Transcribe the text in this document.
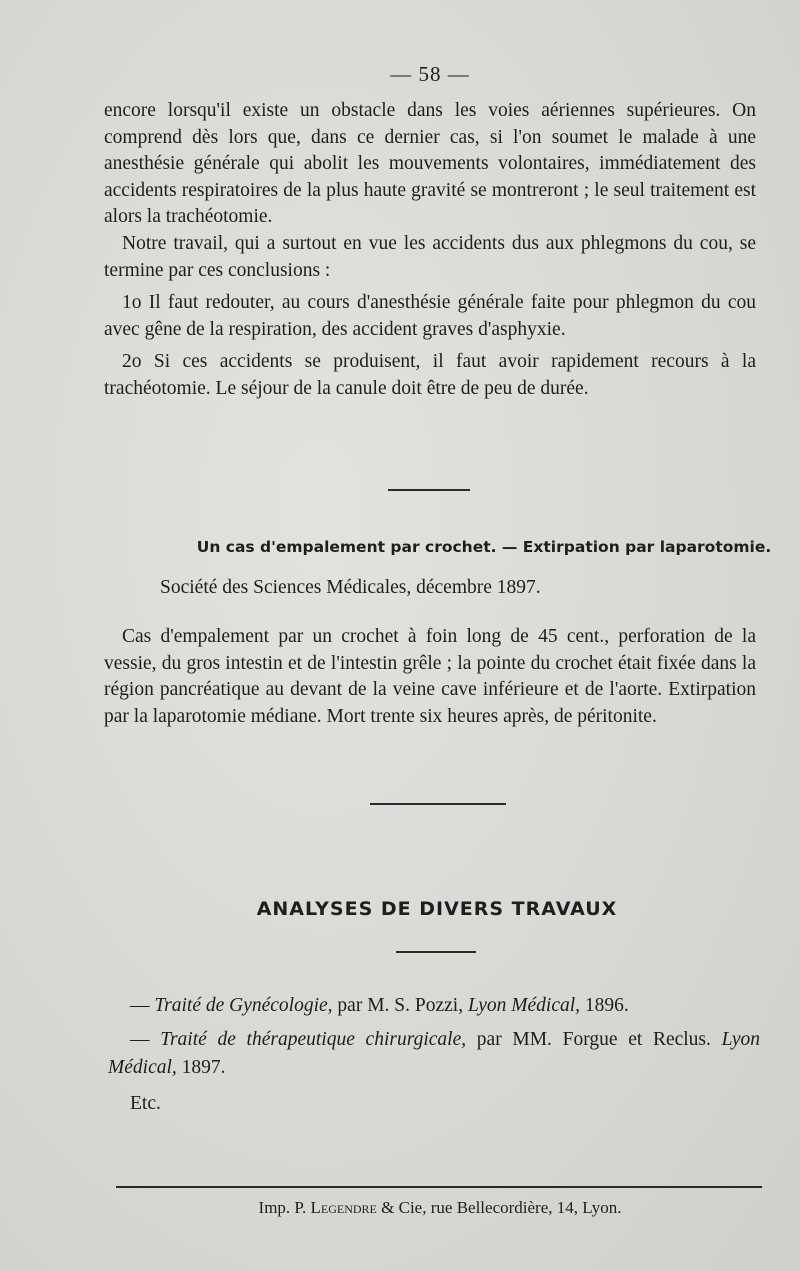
— 58 —

encore lorsqu'il existe un obstacle dans les voies aériennes supérieures. On comprend dès lors que, dans ce dernier cas, si l'on soumet le malade à une anesthésie générale qui abolit les mouvements volontaires, immédiatement des accidents respiratoires de la plus haute gravité se montreront ; le seul traitement est alors la trachéotomie.

Notre travail, qui a surtout en vue les accidents dus aux phlegmons du cou, se termine par ces conclusions :

1o Il faut redouter, au cours d'anesthésie générale faite pour phlegmon du cou avec gêne de la respiration, des accident graves d'asphyxie.

2o Si ces accidents se produisent, il faut avoir rapidement recours à la trachéotomie. Le séjour de la canule doit être de peu de durée.

Un cas d'empalement par crochet. — Extirpation par laparotomie.
Société des Sciences Médicales, décembre 1897.

Cas d'empalement par un crochet à foin long de 45 cent., perforation de la vessie, du gros intestin et de l'intestin grêle ; la pointe du crochet était fixée dans la région pancréatique au devant de la veine cave inférieure et de l'aorte. Extirpation par la laparotomie médiane. Mort trente six heures après, de péritonite.

ANALYSES DE DIVERS TRAVAUX

— Traité de Gynécologie, par M. S. Pozzi, Lyon Médical, 1896.

— Traité de thérapeutique chirurgicale, par MM. Forgue et Reclus. Lyon Médical, 1897.

Etc.

Imp. P. Legendre & Cie, rue Bellecordière, 14, Lyon.
